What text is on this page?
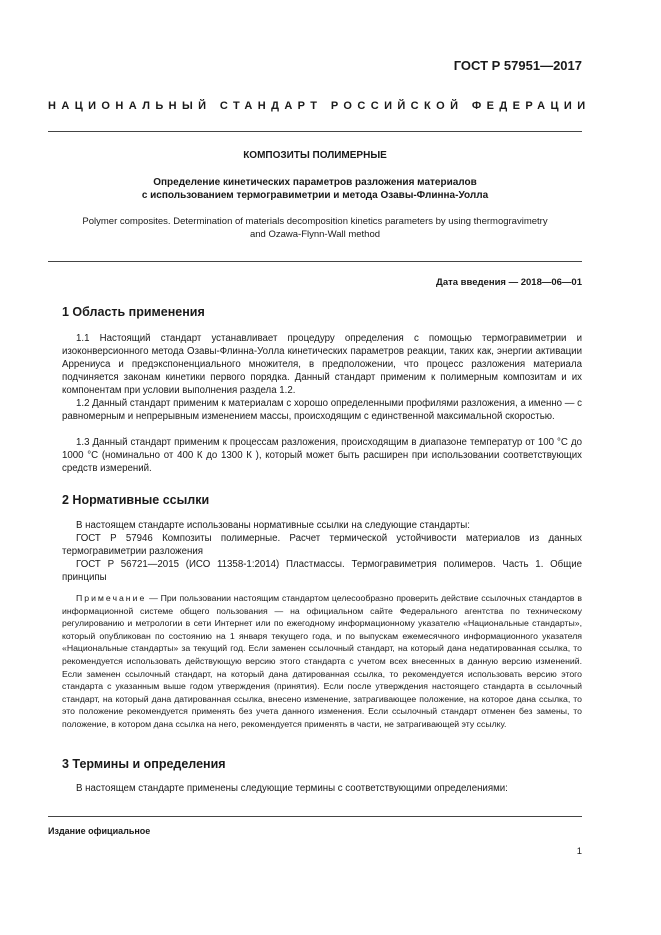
ГОСТ Р 57951—2017
НАЦИОНАЛЬНЫЙ СТАНДАРТ РОССИЙСКОЙ ФЕДЕРАЦИИ
КОМПОЗИТЫ ПОЛИМЕРНЫЕ
Определение кинетических параметров разложения материалов
с использованием термогравиметрии и метода Озавы-Флинна-Уолла
Polymer composites. Determination of materials decomposition kinetics parameters by using thermogravimetry
and Ozawa-Flynn-Wall method
Дата введения — 2018—06—01
1 Область применения
1.1 Настоящий стандарт устанавливает процедуру определения с помощью термогравиметрии и изоконверсионного метода Озавы-Флинна-Уолла кинетических параметров реакции, таких как, энергии активации Аррениуса и предэкспоненциального множителя, в предположении, что процесс разложения материала подчиняется законам кинетики первого порядка. Данный стандарт применим к полимерным композитам и их компонентам при условии выполнения раздела 1.2.
1.2 Данный стандарт применим к материалам с хорошо определенными профилями разложения, а именно — с равномерным и непрерывным изменением массы, происходящим с единственной максимальной скоростью.
1.3 Данный стандарт применим к процессам разложения, происходящим в диапазоне температур от 100 °С до 1000 °С (номинально от 400 К до 1300 К ), который может быть расширен при использовании соответствующих средств измерений.
2 Нормативные ссылки
В настоящем стандарте использованы нормативные ссылки на следующие стандарты:
ГОСТ Р 57946 Композиты полимерные. Расчет термической устойчивости материалов из данных термогравиметрии разложения
ГОСТ Р 56721—2015 (ИСО 11358-1:2014) Пластмассы. Термогравиметрия полимеров. Часть 1. Общие принципы
Примечание — При пользовании настоящим стандартом целесообразно проверить действие ссылочных стандартов в информационной системе общего пользования — на официальном сайте Федерального агентства по техническому регулированию и метрологии в сети Интернет или по ежегодному информационному указателю «Национальные стандарты», который опубликован по состоянию на 1 января текущего года, и по выпускам ежемесячного информационного указателя «Национальные стандарты» за текущий год. Если заменен ссылочный стандарт, на который дана недатированная ссылка, то рекомендуется использовать действующую версию этого стандарта с учетом всех внесенных в данную версию изменений. Если заменен ссылочный стандарт, на который дана датированная ссылка, то рекомендуется использовать версию этого стандарта с указанным выше годом утверждения (принятия). Если после утверждения настоящего стандарта в ссылочный стандарт, на который дана датированная ссылка, внесено изменение, затрагивающее положение, на которое дана ссылка, то это положение рекомендуется применять без учета данного изменения. Если ссылочный стандарт отменен без замены, то положение, в котором дана ссылка на него, рекомендуется применять в части, не затрагивающей эту ссылку.
3 Термины и определения
В настоящем стандарте применены следующие термины с соответствующими определениями:
Издание официальное
1
